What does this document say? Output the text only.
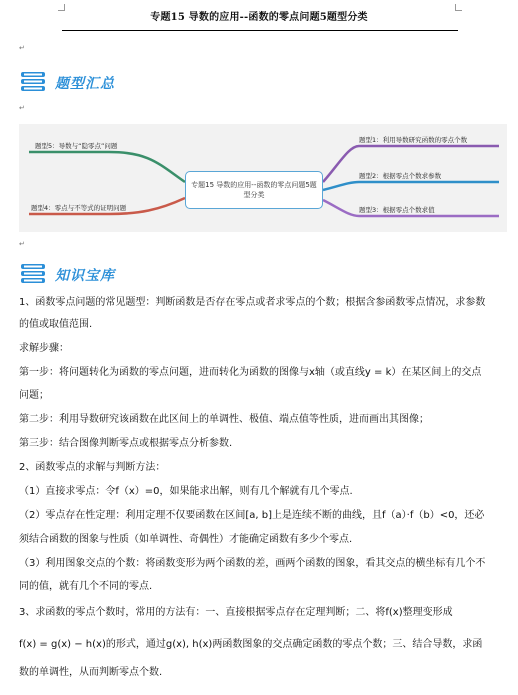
专题15 导数的应用--函数的零点问题5题型分类
↵
↵
↵
题型汇总
专题15 导数的应用--函数的零点问题5题型分类
题型5：导数与“隐零点”问题
题型4：零点与不等式的证明问题
题型1：利用导数研究函数的零点个数
题型2：根据零点个数求参数
题型3：根据零点个数求值
知识宝库
1、函数零点问题的常见题型：判断函数是否存在零点或者求零点的个数；根据含参函数零点情况，求参数
的值或取值范围.
求解步骤：
第一步：将问题转化为函数的零点问题，进而转化为函数的图像与x轴（或直线y = k）在某区间上的交点
问题；
第二步：利用导数研究该函数在此区间上的单调性、极值、端点值等性质，进而画出其图像；
第三步：结合图像判断零点或根据零点分析参数.
2、函数零点的求解与判断方法：
（1）直接求零点：令f（x）=0，如果能求出解，则有几个解就有几个零点.
（2）零点存在性定理：利用定理不仅要函数在区间[a, b]上是连续不断的曲线，且f（a）·f（b）<0，还必
须结合函数的图象与性质（如单调性、奇偶性）才能确定函数有多少个零点.
（3）利用图象交点的个数：将函数变形为两个函数的差，画两个函数的图象，看其交点的横坐标有几个不
同的值，就有几个不同的零点.
3、求函数的零点个数时，常用的方法有：一、直接根据零点存在定理判断；二、将f(x)整理变形成
f(x) = g(x) − h(x)的形式，通过g(x), h(x)两函数图象的交点确定函数的零点个数；三、结合导数，求函
数的单调性，从而判断零点个数.
